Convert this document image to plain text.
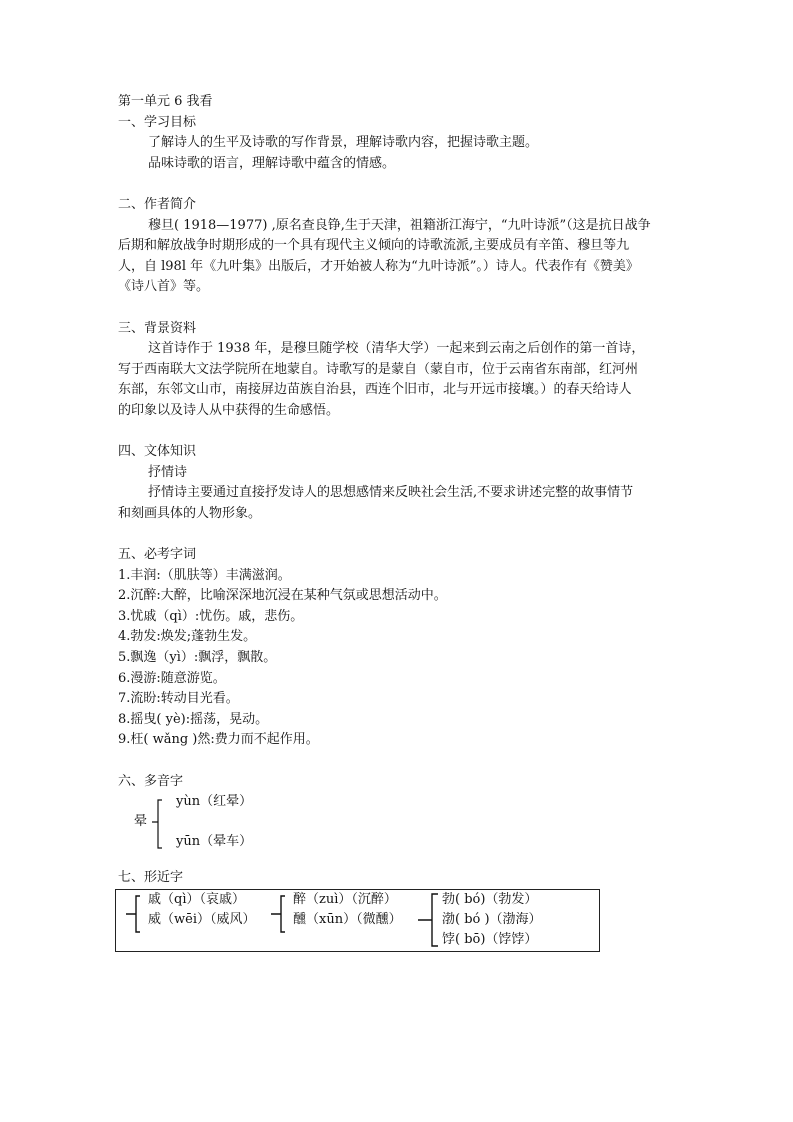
第一单元 6 我看
一、学习目标
了解诗人的生平及诗歌的写作背景，理解诗歌内容，把握诗歌主题。
品味诗歌的语言，理解诗歌中蕴含的情感。
二、作者简介
穆旦( 1918—1977) ,原名查良铮,生于天津，祖籍浙江海宁，“九叶诗派”（这是抗日战争
后期和解放战争时期形成的一个具有现代主义倾向的诗歌流派,主要成员有辛笛、穆旦等九
人，自 l98l 年《九叶集》出版后，才开始被人称为“九叶诗派”。）诗人。代表作有《赞美》
《诗八首》等。
三、背景资料
这首诗作于 1938 年，是穆旦随学校（清华大学）一起来到云南之后创作的第一首诗，
写于西南联大文法学院所在地蒙自。诗歌写的是蒙自（蒙自市，位于云南省东南部，红河州
东部，东邻文山市，南接屏边苗族自治县，西连个旧市，北与开远市接壤。）的春天给诗人
的印象以及诗人从中获得的生命感悟。
四、文体知识
抒情诗
抒情诗主要通过直接抒发诗人的思想感情来反映社会生活,不要求讲述完整的故事情节
和刻画具体的人物形象。
五、必考字词
1.丰润:（肌肤等）丰满滋润。
2.沉醉:大醉，比喻深深地沉浸在某种气氛或思想活动中。
3.忧戚（qì）:忧伤。戚，悲伤。
4.勃发:焕发;蓬勃生发。
5.飘逸（yì）:飘浮，飘散。
6.漫游:随意游览。
7.流盼:转动目光看。
8.摇曳( yè):摇荡，晃动。
9.枉( wǎng )然:费力而不起作用。
六、多音字
晕
yùn（红晕）
yūn（晕车）
七、形近字
戚（qì）（哀戚）
威（wēi）（威风）
醉（zuì）（沉醉）
醺（xūn）（微醺）
勃( bó)（勃发）
渤( bó )（渤海）
饽( bō)（饽饽）
